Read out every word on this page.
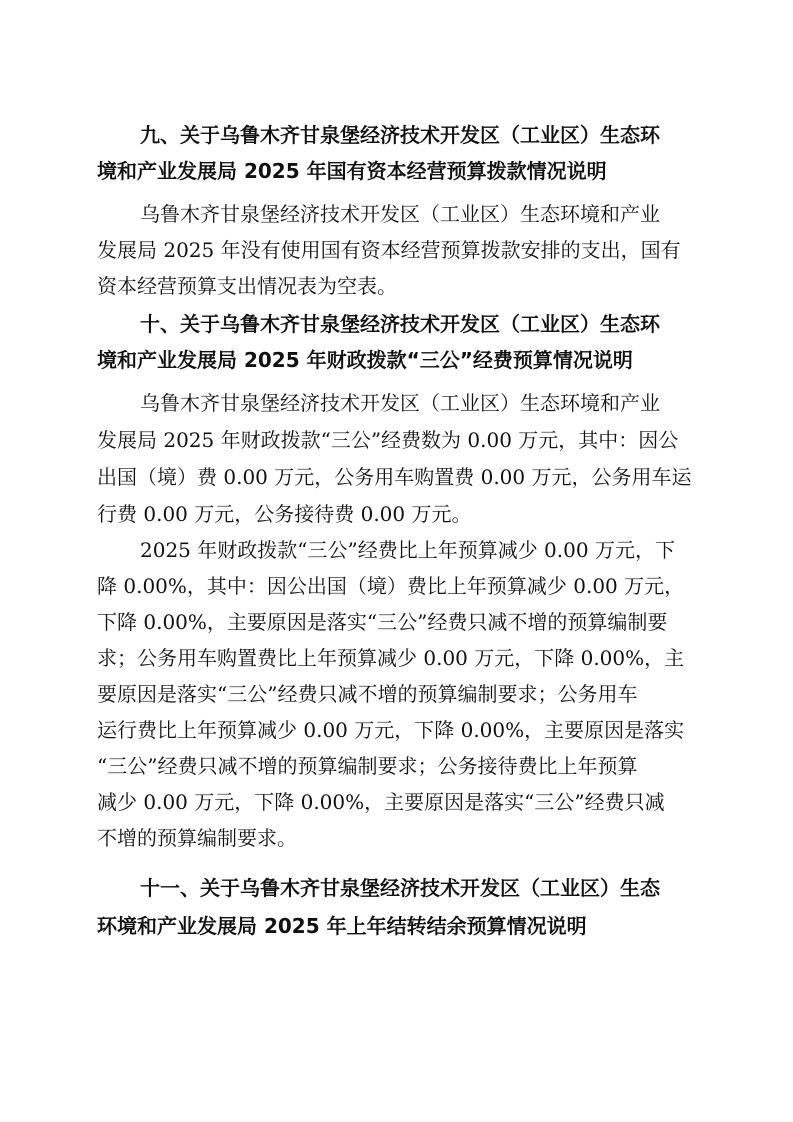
九、关于乌鲁木齐甘泉堡经济技术开发区（工业区）生态环
境和产业发展局 2025 年国有资本经营预算拨款情况说明
乌鲁木齐甘泉堡经济技术开发区（工业区）生态环境和产业
发展局 2025 年没有使用国有资本经营预算拨款安排的支出，国有
资本经营预算支出情况表为空表。
十、关于乌鲁木齐甘泉堡经济技术开发区（工业区）生态环
境和产业发展局 2025 年财政拨款“三公”经费预算情况说明
乌鲁木齐甘泉堡经济技术开发区（工业区）生态环境和产业
发展局 2025 年财政拨款“三公”经费数为 0.00 万元，其中：因公
出国（境）费 0.00 万元，公务用车购置费 0.00 万元，公务用车运
行费 0.00 万元，公务接待费 0.00 万元。
2025 年财政拨款“三公”经费比上年预算减少 0.00 万元，下
降 0.00%，其中：因公出国（境）费比上年预算减少 0.00 万元，
下降 0.00%，主要原因是落实“三公”经费只减不增的预算编制要
求；公务用车购置费比上年预算减少 0.00 万元，下降 0.00%，主
要原因是落实“三公”经费只减不增的预算编制要求；公务用车
运行费比上年预算减少 0.00 万元，下降 0.00%，主要原因是落实
“三公”经费只减不增的预算编制要求；公务接待费比上年预算
减少 0.00 万元，下降 0.00%，主要原因是落实“三公”经费只减
不增的预算编制要求。
十一、关于乌鲁木齐甘泉堡经济技术开发区（工业区）生态
环境和产业发展局 2025 年上年结转结余预算情况说明
